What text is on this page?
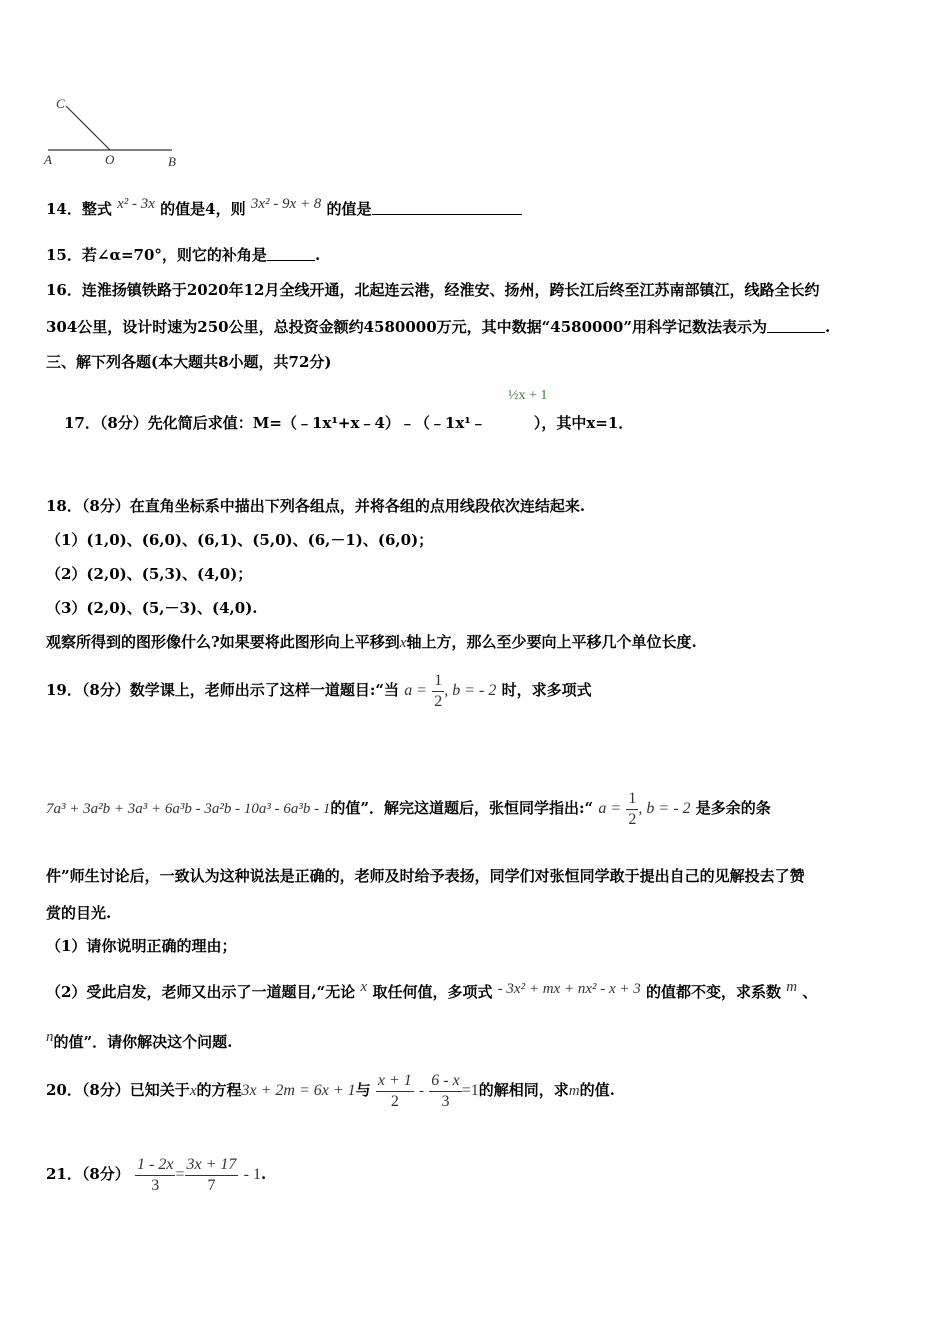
C
A	O	B
14．整式 x² - 3x 的值是4，则 3x² - 9x + 8 的值是
15．若∠α=70°，则它的补角是	.
16．连淮扬镇铁路于2020年12月全线开通，北起连云港，经淮安、扬州，跨长江后终至江苏南部镇江，线路全长约
304公里，设计时速为250公里，总投资金额约4580000万元，其中数据“4580000”用科学记数法表示为	.
三、解下列各题(本大题共8小题，共72分)
½x + 1
17．（8分）先化简后求值：M=（﹣1x¹+x﹣4）﹣（﹣1x¹﹣	），其中x=1．
18．（8分）在直角坐标系中描出下列各组点，并将各组的点用线段依次连结起来.
（1）(1,0)、(6,0)、(6,1)、(5,0)、(6,－1)、(6,0)；
（2）(2,0)、(5,3)、(4,0)；
（3）(2,0)、(5,－3)、(4,0).
观察所得到的图形像什么?如果要将此图形向上平移到x轴上方，那么至少要向上平移几个单位长度.
19．（8分）数学课上，老师出示了这样一道题目:“当 $a = \frac{1}{2}$ , b = - 2 时，求多项式
7a³ + 3a²b + 3a³ + 6a³b - 3a²b - 10a³ - 6a³b - 1的值”．解完这道题后，张恒同学指出:“ $a = \frac{1}{2}$ , b = - 2 是多余的条
件”师生讨论后，一致认为这种说法是正确的，老师及时给予表扬，同学们对张恒同学敢于提出自己的见解投去了赞
赏的目光.
（1）请你说明正确的理由；
（2）受此启发，老师又出示了一道题目,“无论 x 取任何值，多项式 - 3x² + mx + nx² - x + 3 的值都不变，求系数 m 、
n的值”．请你解决这个问题.
20．（8分）已知关于x的方程3x + 2m = 6x + 1与 $\frac{x + 1}{2} - \frac{6 - x}{3} =1$的解相同，求m的值.
21．（8分） $\frac{1 - 2x}{3} = \frac{3x + 17}{7} - 1$.
